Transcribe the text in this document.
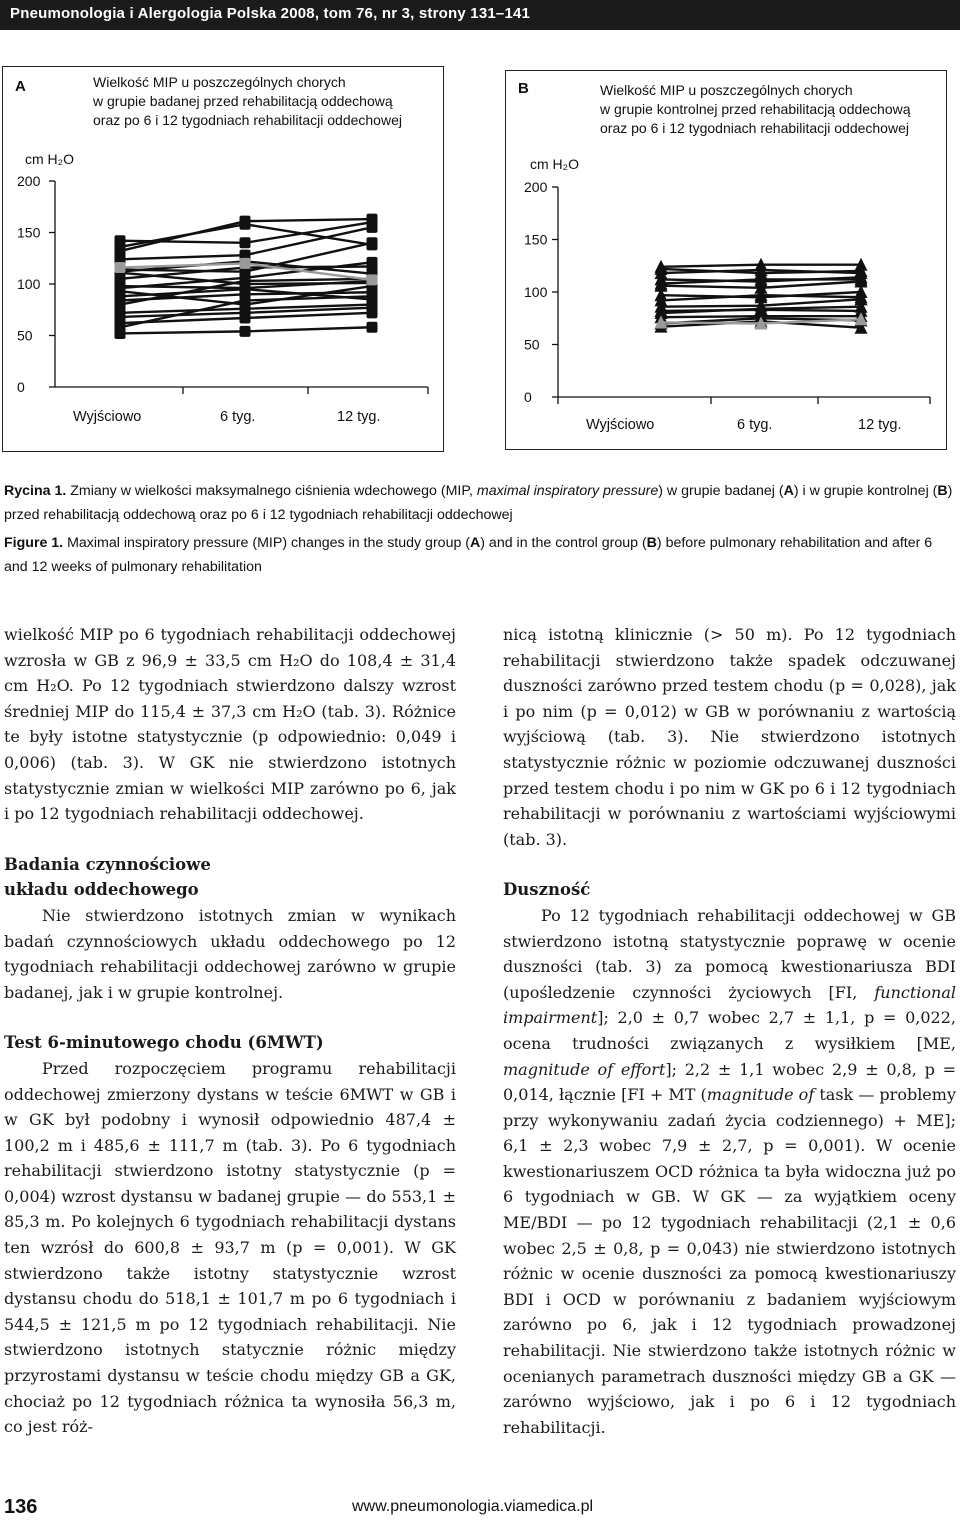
Pneumonologia i Alergologia Polska 2008, tom 76, nr 3, strony 131–141
A	Wielkość MIP u poszczególnych chorych
w grupie badanej przed rehabilitacją oddechową
oraz po 6 i 12 tygodniach rehabilitacji oddechowej
cm H₂O
200
150
100
50
0
Wyjściowo	6 tyg.	12 tyg.
B	Wielkość MIP u poszczególnych chorych
w grupie kontrolnej przed rehabilitacją oddechową
oraz po 6 i 12 tygodniach rehabilitacji oddechowej
cm H₂O
200
150
100
50
0
Wyjściowo	6 tyg.	12 tyg.
Rycina 1. Zmiany w wielkości maksymalnego ciśnienia wdechowego (MIP, maximal inspiratory pressure) w grupie badanej (A) i w grupie kontrolnej (B) przed rehabilitacją oddechową oraz po 6 i 12 tygodniach rehabilitacji oddechowej
Figure 1. Maximal inspiratory pressure (MIP) changes in the study group (A) and in the control group (B) before pulmonary rehabilitation and after 6 and 12 weeks of pulmonary rehabilitation

wielkość MIP po 6 tygodniach rehabilitacji oddechowej wzrosła w GB z 96,9 ± 33,5 cm H₂O do 108,4 ± 31,4 cm H₂O. Po 12 tygodniach stwierdzono dalszy wzrost średniej MIP do 115,4 ± 37,3 cm H₂O (tab. 3). Różnice te były istotne statystycznie (p odpowiednio: 0,049 i 0,006) (tab. 3). W GK nie stwierdzono istotnych statystycznie zmian w wielkości MIP zarówno po 6, jak i po 12 tygodniach rehabilitacji oddechowej.

Badania czynnościowe
układu oddechowego

Nie stwierdzono istotnych zmian w wynikach badań czynnościowych układu oddechowego po 12 tygodniach rehabilitacji oddechowej zarówno w grupie badanej, jak i w grupie kontrolnej.

Test 6-minutowego chodu (6MWT)

Przed rozpoczęciem programu rehabilitacji oddechowej zmierzony dystans w teście 6MWT w GB i w GK był podobny i wynosił odpowiednio 487,4 ± 100,2 m i 485,6 ± 111,7 m (tab. 3). Po 6 tygodniach rehabilitacji stwierdzono istotny statystycznie (p = 0,004) wzrost dystansu w badanej grupie — do 553,1 ± 85,3 m. Po kolejnych 6 tygodniach rehabilitacji dystans ten wzrósł do 600,8 ± 93,7 m (p = 0,001). W GK stwierdzono także istotny statystycznie wzrost dystansu chodu do 518,1 ± 101,7 m po 6 tygodniach i 544,5 ± 121,5 m po 12 tygodniach rehabilitacji. Nie stwierdzono istotnych statycznie różnic między przyrostami dystansu w teście chodu między GB a GK, chociaż po 12 tygodniach różnica ta wynosiła 56,3 m, co jest róż-

nicą istotną klinicznie (> 50 m). Po 12 tygodniach rehabilitacji stwierdzono także spadek odczuwanej duszności zarówno przed testem chodu (p = 0,028), jak i po nim (p = 0,012) w GB w porównaniu z wartością wyjściową (tab. 3). Nie stwierdzono istotnych statystycznie różnic w poziomie odczuwanej duszności przed testem chodu i po nim w GK po 6 i 12 tygodniach rehabilitacji w porównaniu z wartościami wyjściowymi (tab. 3).

Duszność

Po 12 tygodniach rehabilitacji oddechowej w GB stwierdzono istotną statystycznie poprawę w ocenie duszności (tab. 3) za pomocą kwestionariusza BDI (upośledzenie czynności życiowych [FI, functional impairment]; 2,0 ± 0,7 wobec 2,7 ± 1,1, p = 0,022, ocena trudności związanych z wysiłkiem [ME, magnitude of effort]; 2,2 ± 1,1 wobec 2,9 ± 0,8, p = 0,014, łącznie [FI + MT (magnitude of task — problemy przy wykonywaniu zadań życia codziennego) + ME]; 6,1 ± 2,3 wobec 7,9 ± 2,7, p = 0,001). W ocenie kwestionariuszem OCD różnica ta była widoczna już po 6 tygodniach w GB. W GK — za wyjątkiem oceny ME/BDI — po 12 tygodniach rehabilitacji (2,1 ± 0,6 wobec 2,5 ± 0,8, p = 0,043) nie stwierdzono istotnych różnic w ocenie duszności za pomocą kwestionariuszy BDI i OCD w porównaniu z badaniem wyjściowym zarówno po 6, jak i 12 tygodniach prowadzonej rehabilitacji. Nie stwierdzono także istotnych różnic w ocenianych parametrach duszności między GB a GK — zarówno wyjściowo, jak i po 6 i 12 tygodniach rehabilitacji.

136	www.pneumonologia.viamedica.pl
